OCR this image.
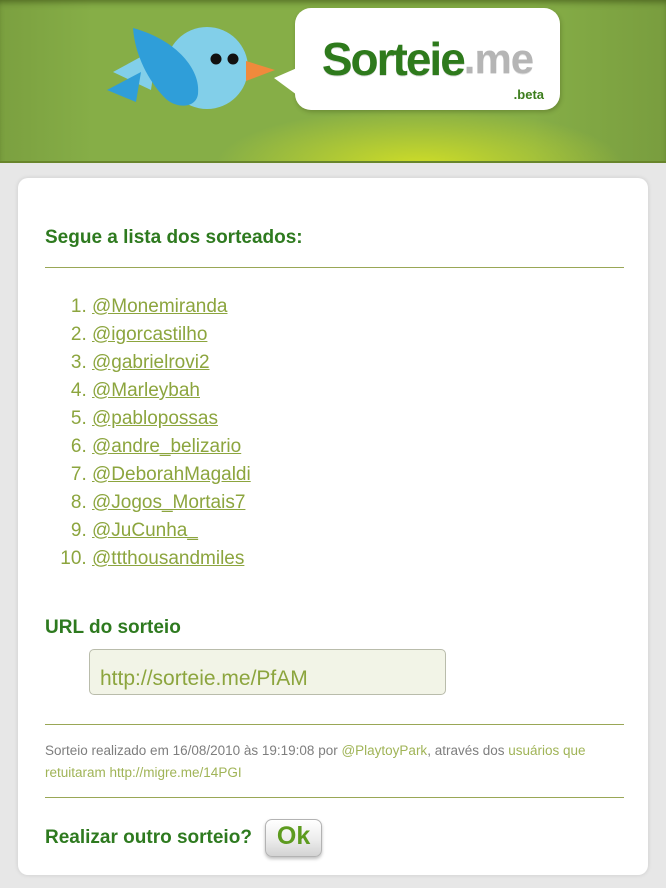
Sorteie .me
.beta
Segue a lista dos sorteados:
1. @Monemiranda
2. @igorcastilho
3. @gabrielrovi2
4. @Marleybah
5. @pablopossas
6. @andre_belizario
7. @DeborahMagaldi
8. @Jogos_Mortais7
9. @JuCunha_
10. @ttthousandmiles
URL do sorteio
http://sorteie.me/PfAM

Sorteio realizado em 16/08/2010 às 19:19:08 por @PlaytoyPark, através dos usuários que retuitaram http://migre.me/14PGI

Realizar outro sorteio?	Ok
